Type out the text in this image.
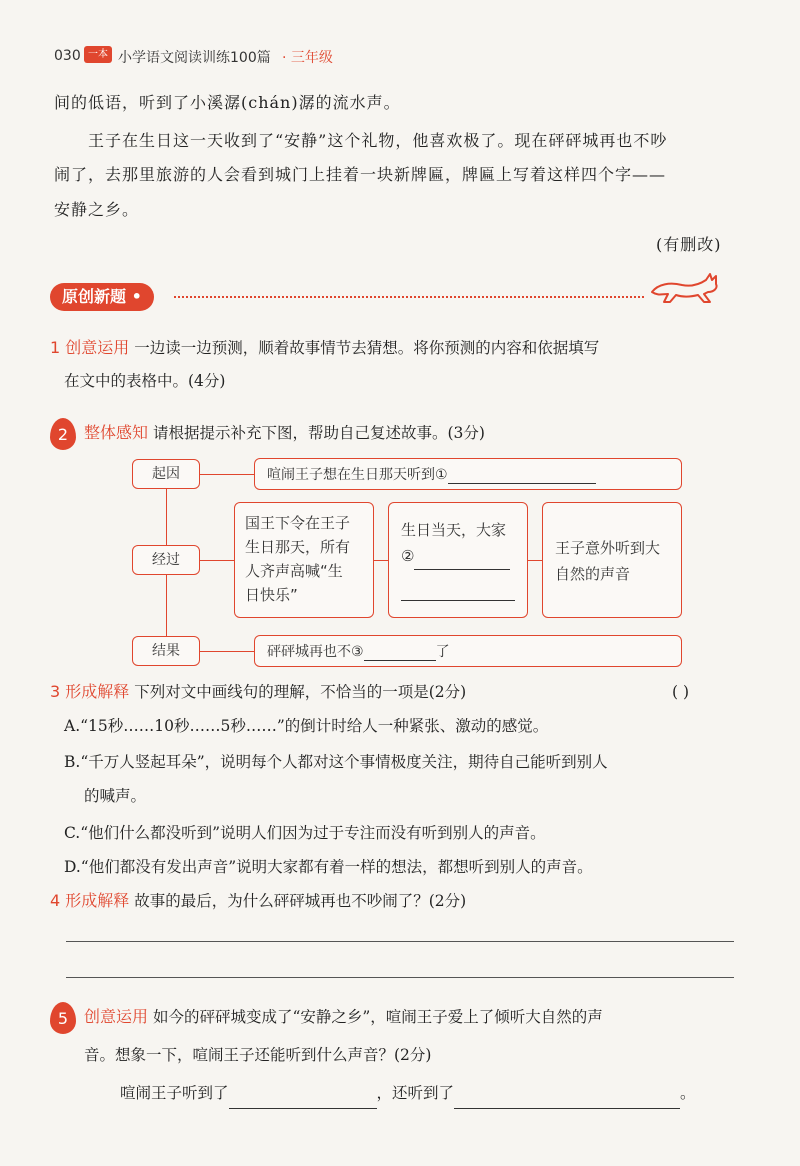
030 一本 小学语文阅读训练100篇 · 三年级
间的低语，听到了小溪潺(chán)潺的流水声。
王子在生日这一天收到了“安静”这个礼物，他喜欢极了。现在砰砰城再也不吵
闹了，去那里旅游的人会看到城门上挂着一块新牌匾，牌匾上写着这样四个字——
安静之乡。
(有删改)
原创新题 •
1 创意运用 一边读一边预测，顺着故事情节去猜想。将你预测的内容和依据填写
在文中的表格中。(4分)
2 整体感知 请根据提示补充下图，帮助自己复述故事。(3分)
起因	喧闹王子想在生日那天听到①
经过
国王下令在王子
生日那天，所有
人齐声高喊“生
日快乐”
生日当天，大家
②
	王子意外听到大
自然的声音
结果	砰砰城再也不③	了
3 形成解释 下列对文中画线句的理解，不恰当的一项是(2分)	( )
A.“15秒……10秒……5秒……”的倒计时给人一种紧张、激动的感觉。
B.“千万人竖起耳朵”，说明每个人都对这个事情极度关注，期待自己能听到别人
的喊声。
C.“他们什么都没听到”说明人们因为过于专注而没有听到别人的声音。
D.“他们都没有发出声音”说明大家都有着一样的想法，都想听到别人的声音。
4 形成解释 故事的最后，为什么砰砰城再也不吵闹了？(2分)
5 创意运用 如今的砰砰城变成了“安静之乡”，喧闹王子爱上了倾听大自然的声
音。想象一下，喧闹王子还能听到什么声音？(2分)
喧闹王子听到了	，还听到了	。
